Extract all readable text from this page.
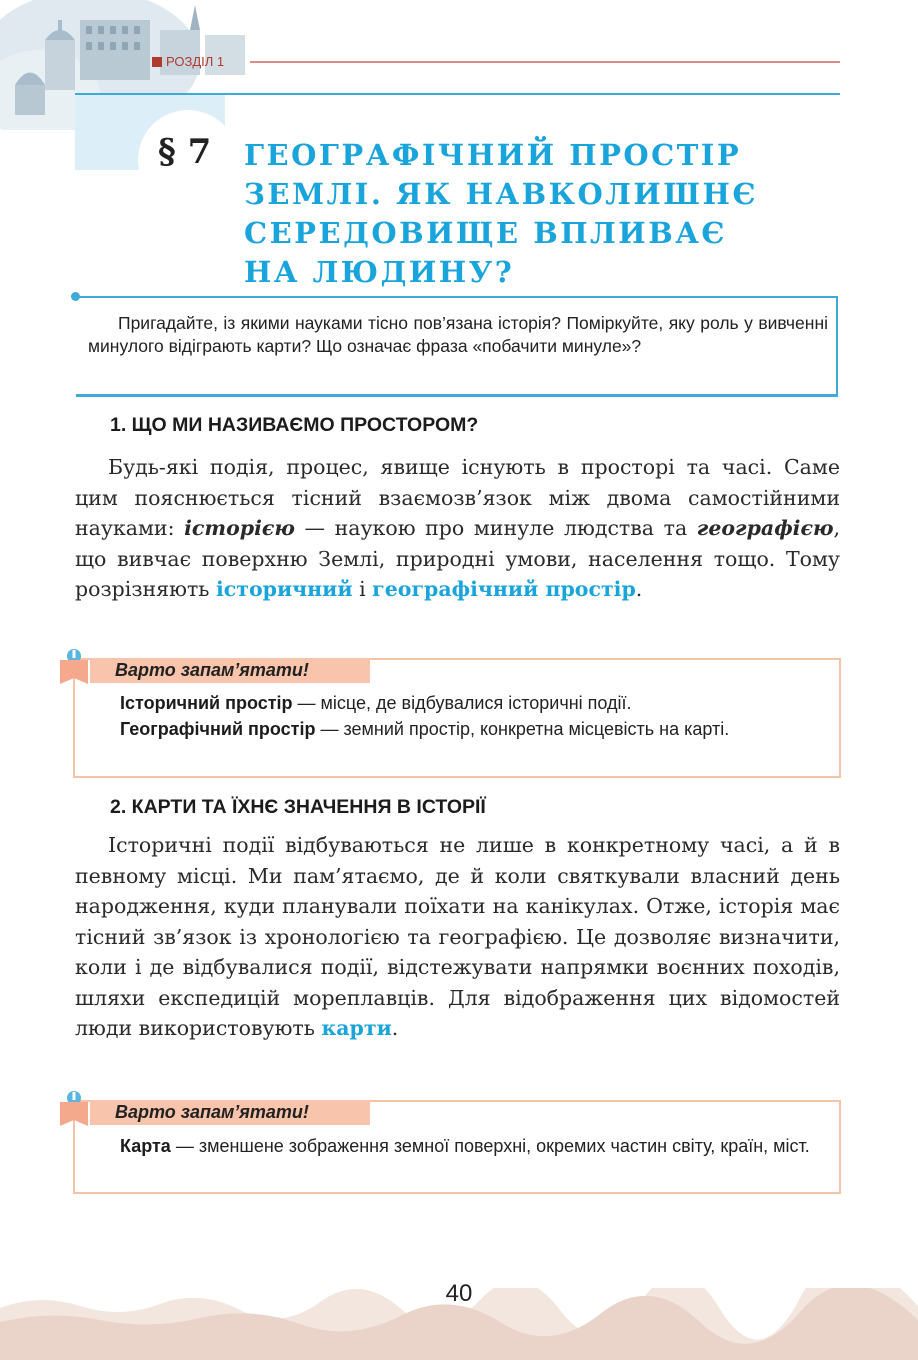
РОЗДІЛ 1
§ 7 ГЕОГРАФІЧНИЙ ПРОСТІР
ЗЕМЛІ. ЯК НАВКОЛИШНЄ
СЕРЕДОВИЩЕ ВПЛИВАЄ
НА ЛЮДИНУ?
Пригадайте, із якими науками тісно пов’язана історія? Поміркуйте, яку роль у вивченні минулого відіграють карти? Що означає фраза «побачити минуле»?
1. ЩО МИ НАЗИВАЄМО ПРОСТОРОМ?
Будь-які подія, процес, явище існують в просторі та часі. Саме цим пояснюється тісний взаємозв’язок між двома самостійними науками: історією — наукою про минуле людства та географією, що вивчає поверхню Землі, природні умови, населення тощо. Тому розрізняють історичний і географічний простір.
Варто запам’ятати!

Історичний простір — місце, де відбувалися історичні події.

Географічний простір — земний простір, конкретна місцевість на карті.

2. КАРТИ ТА ЇХНЄ ЗНАЧЕННЯ В ІСТОРІЇ
Історичні події відбуваються не лише в конкретному часі, а й в певному місці. Ми пам’ятаємо, де й коли святкували власний день народження, куди планували поїхати на канікулах. Отже, історія має тісний зв’язок із хронологією та географією. Це дозволяє визначити, коли і де відбувалися події, відстежувати напрямки воєнних походів, шляхи експедицій мореплавців. Для відображення цих відомостей люди використовують карти.
Варто запам’ятати!

Карта — зменшене зображення земної поверхні, окремих частин світу, країн, міст.

40
